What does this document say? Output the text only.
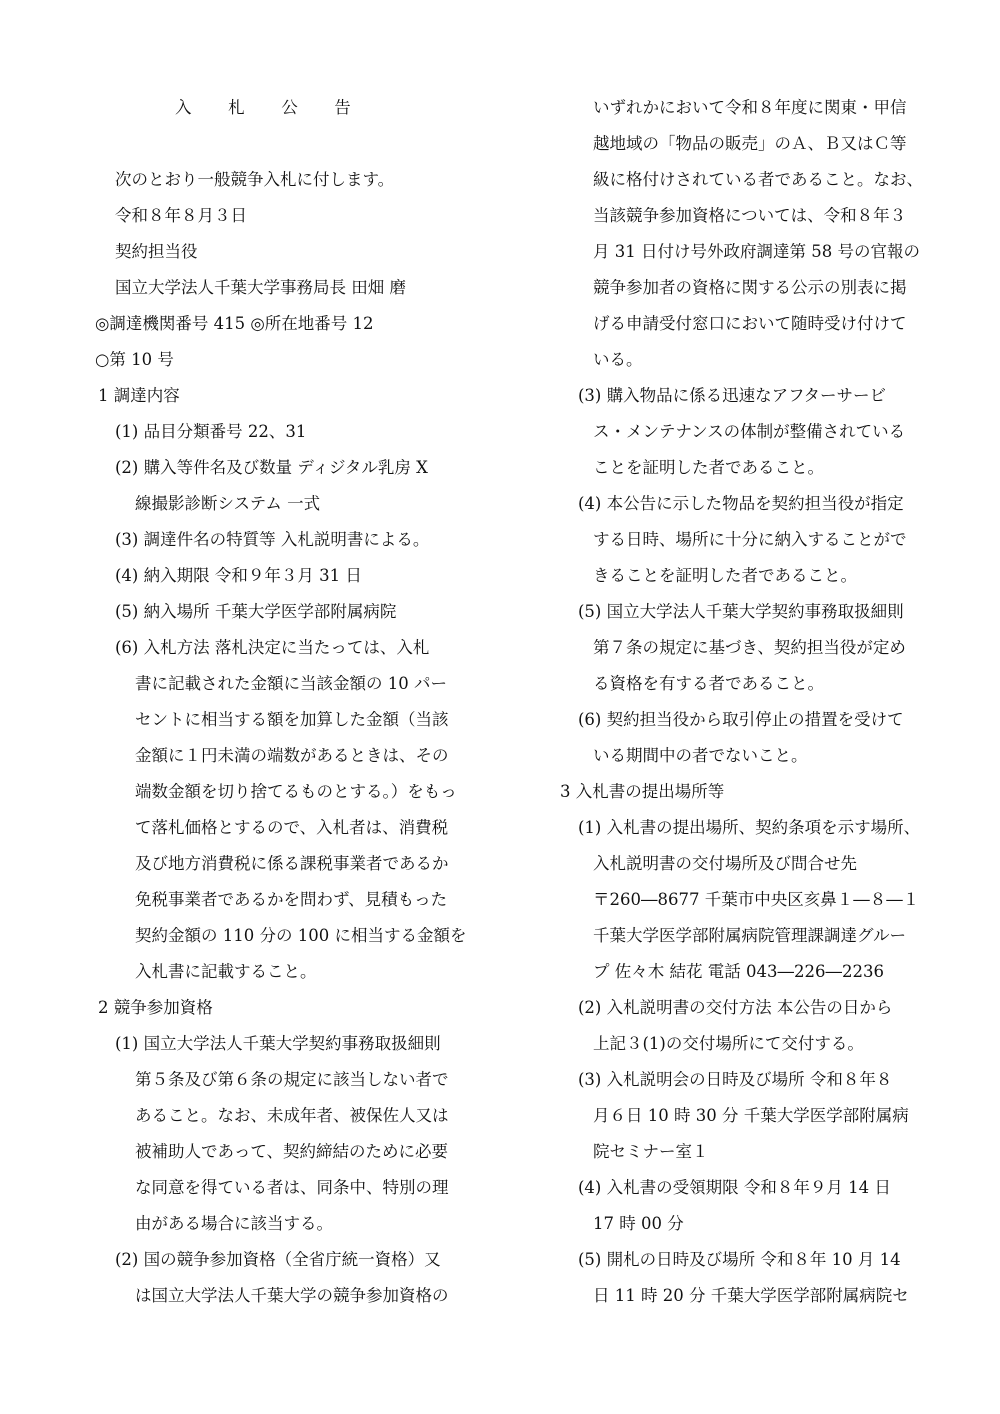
入 札 公 告
次のとおり一般競争入札に付します。
令和８年８月３日
契約担当役
国立大学法人千葉大学事務局長 田畑 磨
◎調達機関番号 415 ◎所在地番号 12
○第 10 号
1 調達内容
(1) 品目分類番号 22、31
(2) 購入等件名及び数量 ディジタル乳房 X
線撮影診断システム 一式
(3) 調達件名の特質等 入札説明書による。
(4) 納入期限 令和９年３月 31 日
(5) 納入場所 千葉大学医学部附属病院
(6) 入札方法 落札決定に当たっては、入札
書に記載された金額に当該金額の 10 パー
セントに相当する額を加算した金額（当該
金額に１円未満の端数があるときは、その
端数金額を切り捨てるものとする。）をもっ
て落札価格とするので、入札者は、消費税
及び地方消費税に係る課税事業者であるか
免税事業者であるかを問わず、見積もった
契約金額の 110 分の 100 に相当する金額を
入札書に記載すること。
2 競争参加資格
(1) 国立大学法人千葉大学契約事務取扱細則
第５条及び第６条の規定に該当しない者で
あること。なお、未成年者、被保佐人又は
被補助人であって、契約締結のために必要
な同意を得ている者は、同条中、特別の理
由がある場合に該当する。
(2) 国の競争参加資格（全省庁統一資格）又
は国立大学法人千葉大学の競争参加資格の
いずれかにおいて令和８年度に関東・甲信
越地域の「物品の販売」のＡ、Ｂ又はＣ等
級に格付けされている者であること。なお、
当該競争参加資格については、令和８年３
月 31 日付け号外政府調達第 58 号の官報の
競争参加者の資格に関する公示の別表に掲
げる申請受付窓口において随時受け付けて
いる。
(3) 購入物品に係る迅速なアフターサービ
ス・メンテナンスの体制が整備されている
ことを証明した者であること。
(4) 本公告に示した物品を契約担当役が指定
する日時、場所に十分に納入することがで
きることを証明した者であること。
(5) 国立大学法人千葉大学契約事務取扱細則
第７条の規定に基づき、契約担当役が定め
る資格を有する者であること。
(6) 契約担当役から取引停止の措置を受けて
いる期間中の者でないこと。
3 入札書の提出場所等
(1) 入札書の提出場所、契約条項を示す場所、
入札説明書の交付場所及び問合せ先
〒260―8677 千葉市中央区亥鼻１―８―１
千葉大学医学部附属病院管理課調達グルー
プ 佐々木 結花 電話 043―226―2236
(2) 入札説明書の交付方法 本公告の日から
上記３(1)の交付場所にて交付する。
(3) 入札説明会の日時及び場所 令和８年８
月６日 10 時 30 分 千葉大学医学部附属病
院セミナー室１
(4) 入札書の受領期限 令和８年９月 14 日
17 時 00 分
(5) 開札の日時及び場所 令和８年 10 月 14
日 11 時 20 分 千葉大学医学部附属病院セ
